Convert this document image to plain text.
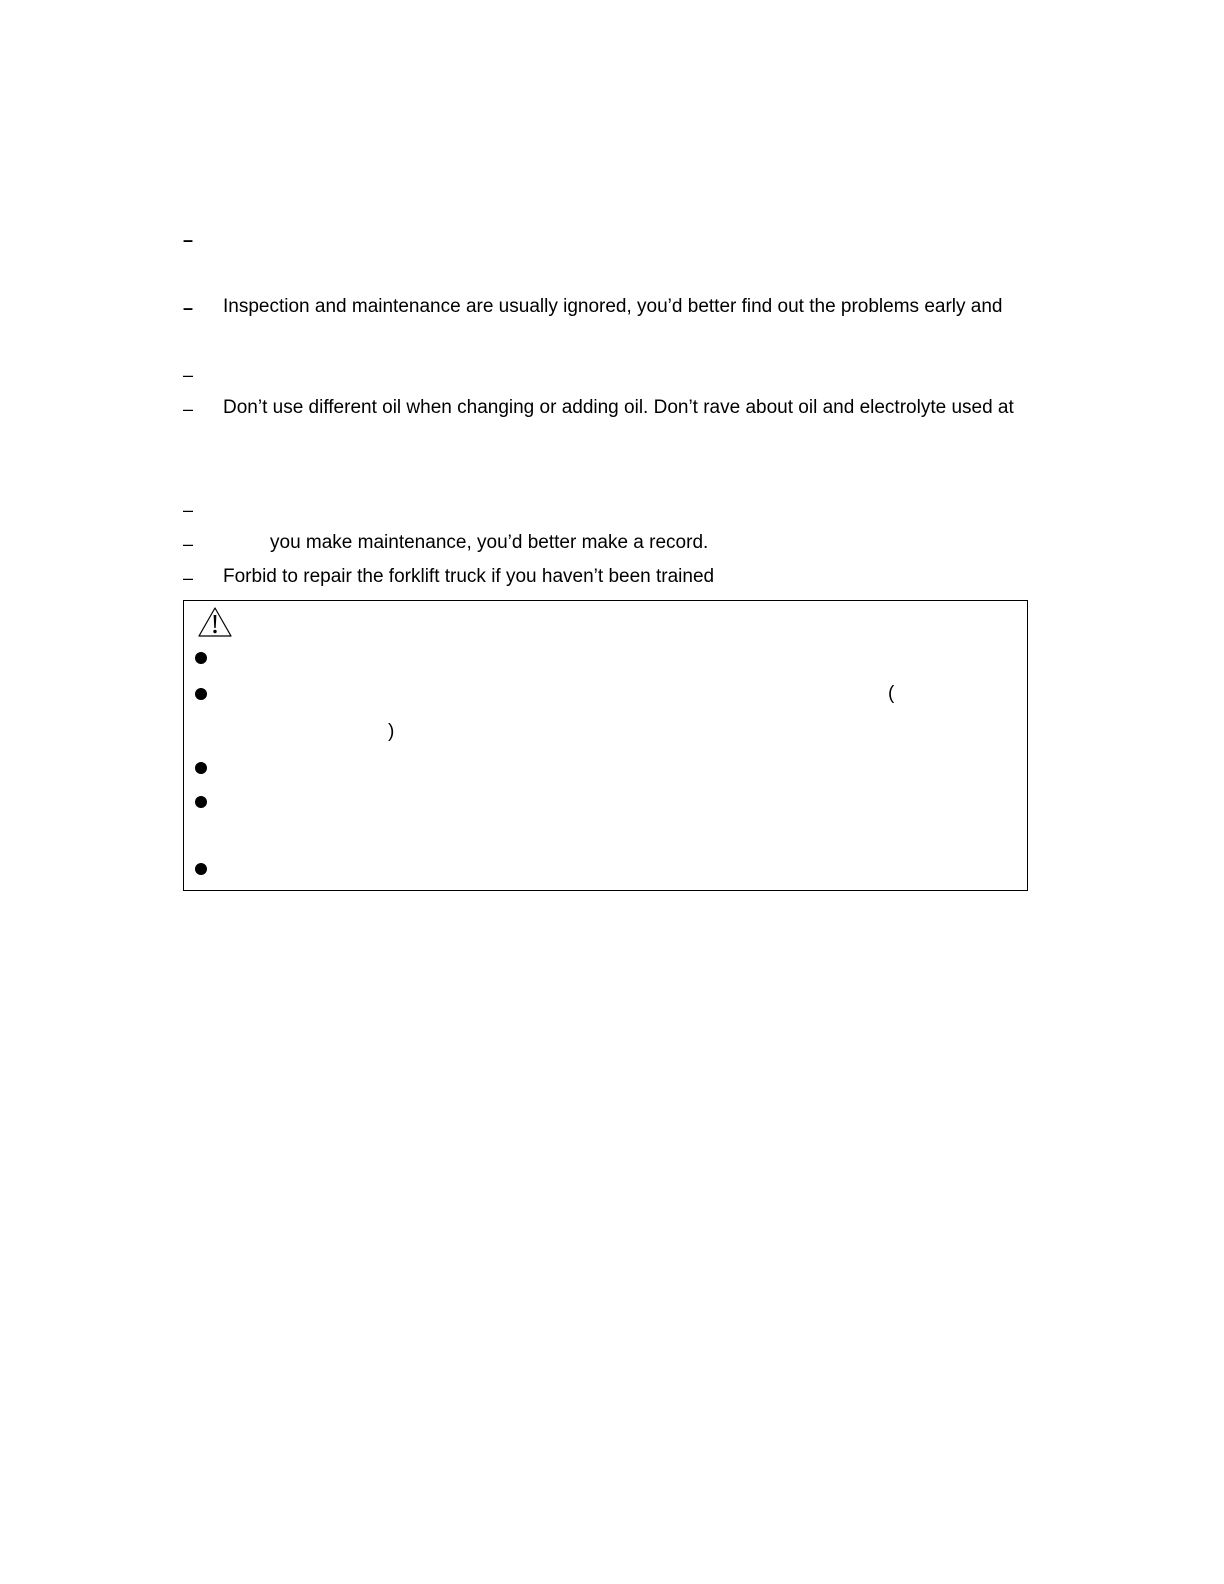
–
–
–
–
–
–
–
Inspection and maintenance are usually ignored, you’d better find out the problems early and
Don’t use different oil when changing or adding oil. Don’t rave about oil and electrolyte used at
you make maintenance, you’d better make a record.
Forbid to repair the forklift truck if you haven’t been trained
(
)
